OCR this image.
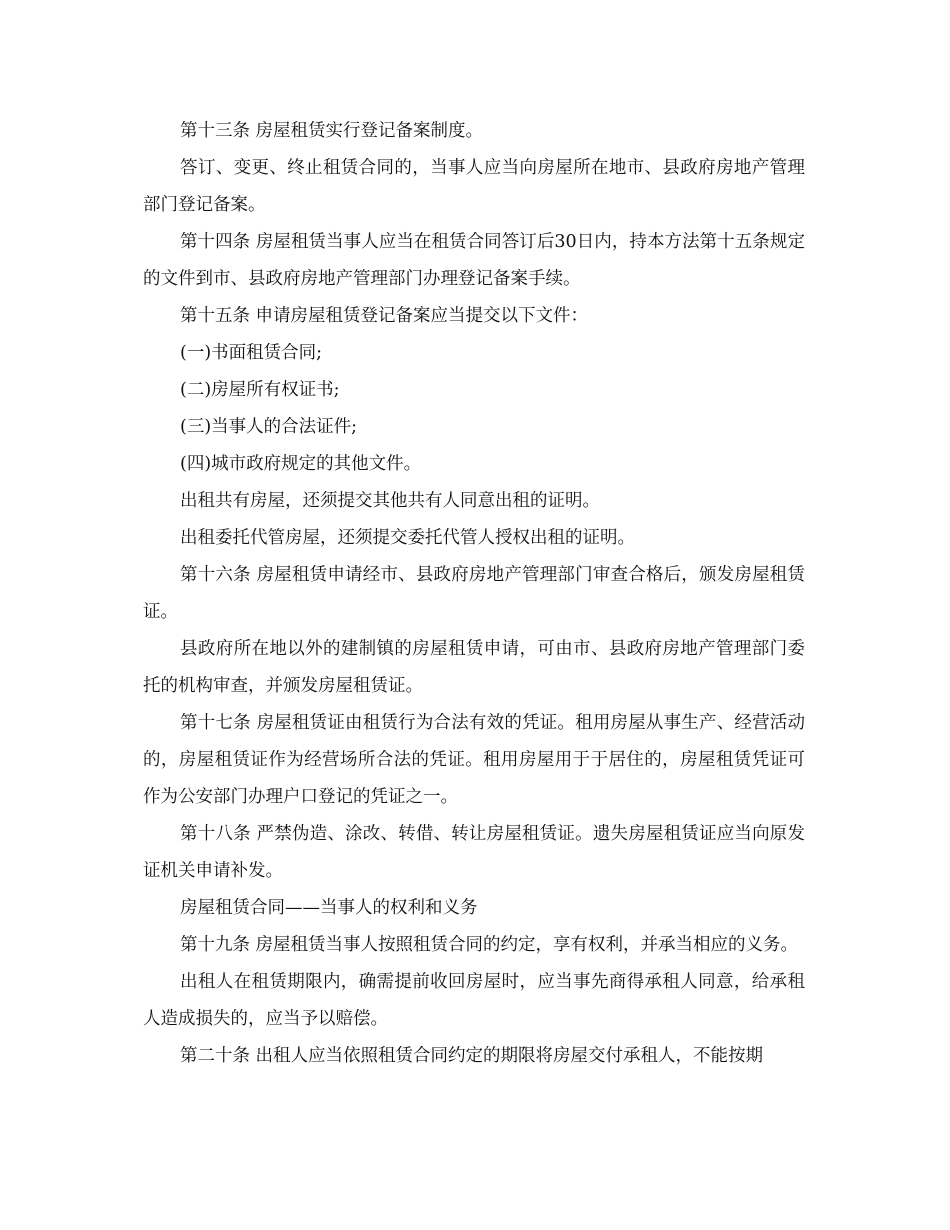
第十三条 房屋租赁实行登记备案制度。

答订、变更、终止租赁合同的，当事人应当向房屋所在地市、县政府房地产管理部门登记备案。

第十四条 房屋租赁当事人应当在租赁合同答订后30日内，持本方法第十五条规定的文件到市、县政府房地产管理部门办理登记备案手续。

第十五条 申请房屋租赁登记备案应当提交以下文件：

(一)书面租赁合同;

(二)房屋所有权证书;

(三)当事人的合法证件;

(四)城市政府规定的其他文件。

出租共有房屋，还须提交其他共有人同意出租的证明。

出租委托代管房屋，还须提交委托代管人授权出租的证明。

第十六条 房屋租赁申请经市、县政府房地产管理部门审查合格后，颁发房屋租赁证。

县政府所在地以外的建制镇的房屋租赁申请，可由市、县政府房地产管理部门委托的机构审查，并颁发房屋租赁证。

第十七条 房屋租赁证由租赁行为合法有效的凭证。租用房屋从事生产、经营活动的，房屋租赁证作为经营场所合法的凭证。租用房屋用于于居住的，房屋租赁凭证可作为公安部门办理户口登记的凭证之一。

第十八条 严禁伪造、涂改、转借、转让房屋租赁证。遗失房屋租赁证应当向原发证机关申请补发。

房屋租赁合同——当事人的权利和义务

第十九条 房屋租赁当事人按照租赁合同的约定，享有权利，并承当相应的义务。

出租人在租赁期限内，确需提前收回房屋时，应当事先商得承租人同意，给承租人造成损失的，应当予以赔偿。

第二十条 出租人应当依照租赁合同约定的期限将房屋交付承租人，不能按期
